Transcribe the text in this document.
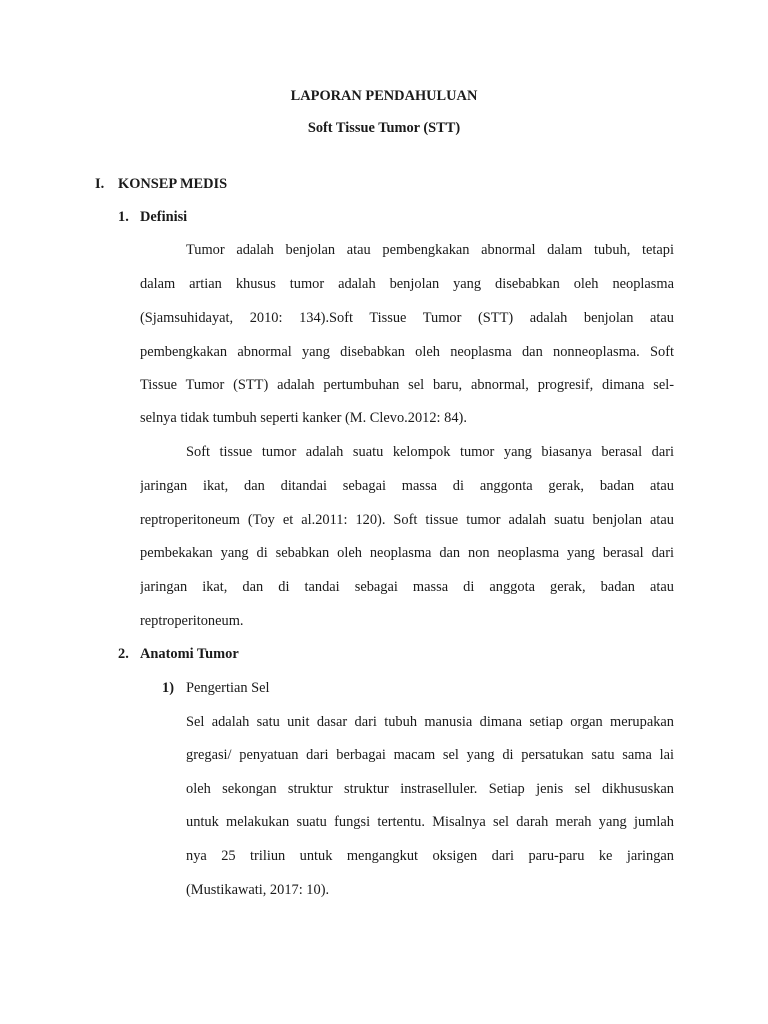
LAPORAN PENDAHULUAN
Soft Tissue Tumor (STT)
I. KONSEP MEDIS
1. Definisi
Tumor adalah benjolan atau pembengkakan abnormal dalam tubuh, tetapi
dalam artian khusus tumor adalah benjolan yang disebabkan oleh neoplasma
(Sjamsuhidayat, 2010: 134).Soft Tissue Tumor (STT) adalah benjolan atau
pembengkakan abnormal yang disebabkan oleh neoplasma dan nonneoplasma. Soft
Tissue Tumor (STT) adalah pertumbuhan sel baru, abnormal, progresif, dimana sel-
selnya tidak tumbuh seperti kanker (M. Clevo.2012: 84).
Soft tissue tumor adalah suatu kelompok tumor yang biasanya berasal dari
jaringan ikat, dan ditandai sebagai massa di anggonta gerak, badan atau
reptroperitoneum (Toy et al.2011: 120). Soft tissue tumor adalah suatu benjolan atau
pembekakan yang di sebabkan oleh neoplasma dan non neoplasma yang berasal dari
jaringan ikat, dan di tandai sebagai massa di anggota gerak, badan atau
reptroperitoneum.
2. Anatomi Tumor
1) Pengertian Sel
Sel adalah satu unit dasar dari tubuh manusia dimana setiap organ merupakan
gregasi/ penyatuan dari berbagai macam sel yang di persatukan satu sama lai
oleh sekongan struktur struktur instraselluler. Setiap jenis sel dikhususkan
untuk melakukan suatu fungsi tertentu. Misalnya sel darah merah yang jumlah
nya 25 triliun untuk mengangkut oksigen dari paru-paru ke jaringan
(Mustikawati, 2017: 10).
